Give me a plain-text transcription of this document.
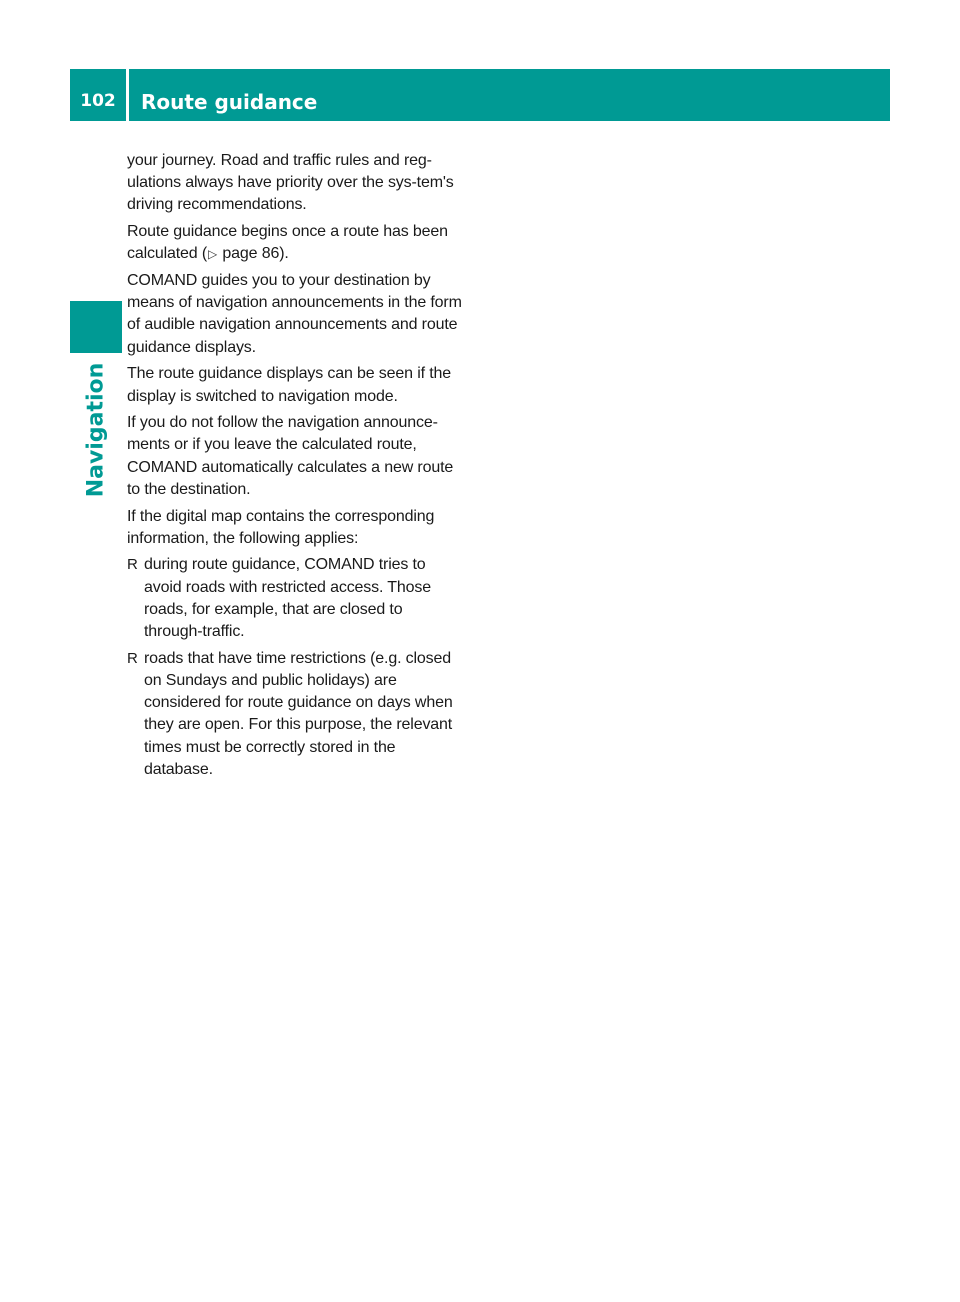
102	Route guidance
Navigation

your journey. Road and traffic rules and reg-ulations always have priority over the sys-tem's driving recommendations.

Route guidance begins once a route has been calculated (▷ page 86).

COMAND guides you to your destination by means of navigation announcements in the form of audible navigation announcements and route guidance displays.

The route guidance displays can be seen if the display is switched to navigation mode.

If you do not follow the navigation announce-ments or if you leave the calculated route, COMAND automatically calculates a new route to the destination.

If the digital map contains the corresponding information, the following applies:

R during route guidance, COMAND tries to avoid roads with restricted access. Those roads, for example, that are closed to through-traffic.
R roads that have time restrictions (e.g. closed on Sundays and public holidays) are considered for route guidance on days when they are open. For this purpose, the relevant times must be correctly stored in the database.
